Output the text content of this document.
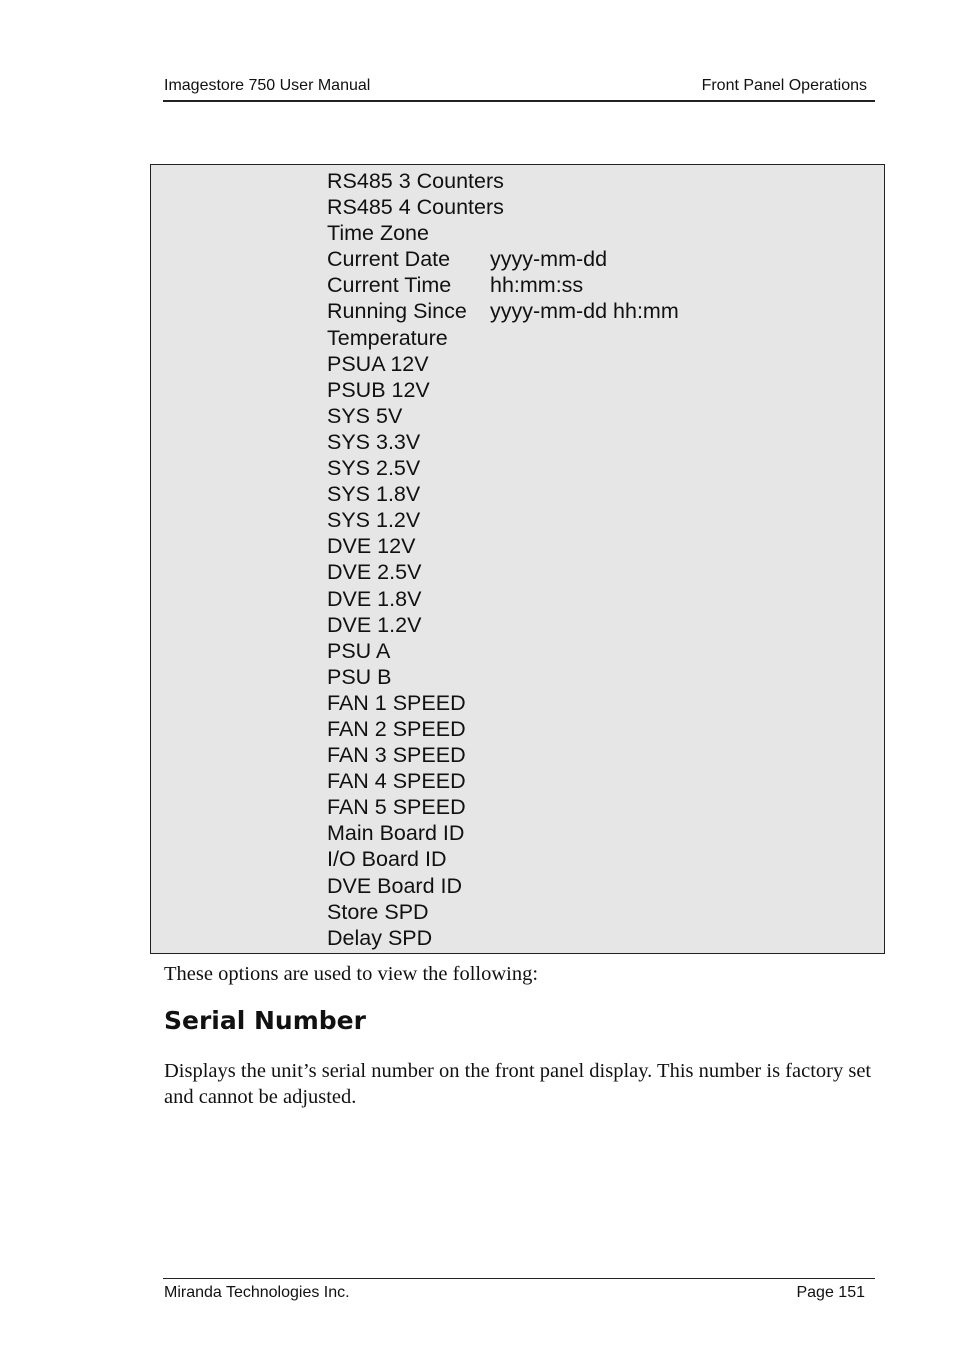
Imagestore 750 User Manual	Front Panel Operations
RS485 3 Counters
RS485 4 Counters
Time Zone
Current Date yyyy-mm-dd
Current Time hh:mm:ss
Running Since yyyy-mm-dd hh:mm
Temperature
PSUA 12V
PSUB 12V
SYS 5V
SYS 3.3V
SYS 2.5V
SYS 1.8V
SYS 1.2V
DVE 12V
DVE 2.5V
DVE 1.8V
DVE 1.2V
PSU A
PSU B
FAN 1 SPEED
FAN 2 SPEED
FAN 3 SPEED
FAN 4 SPEED
FAN 5 SPEED
Main Board ID
I/O Board ID
DVE Board ID
Store SPD
Delay SPD
These options are used to view the following:
Serial Number

Displays the unit’s serial number on the front panel display. This number is factory set and cannot be adjusted.

Miranda Technologies Inc.	Page 151
